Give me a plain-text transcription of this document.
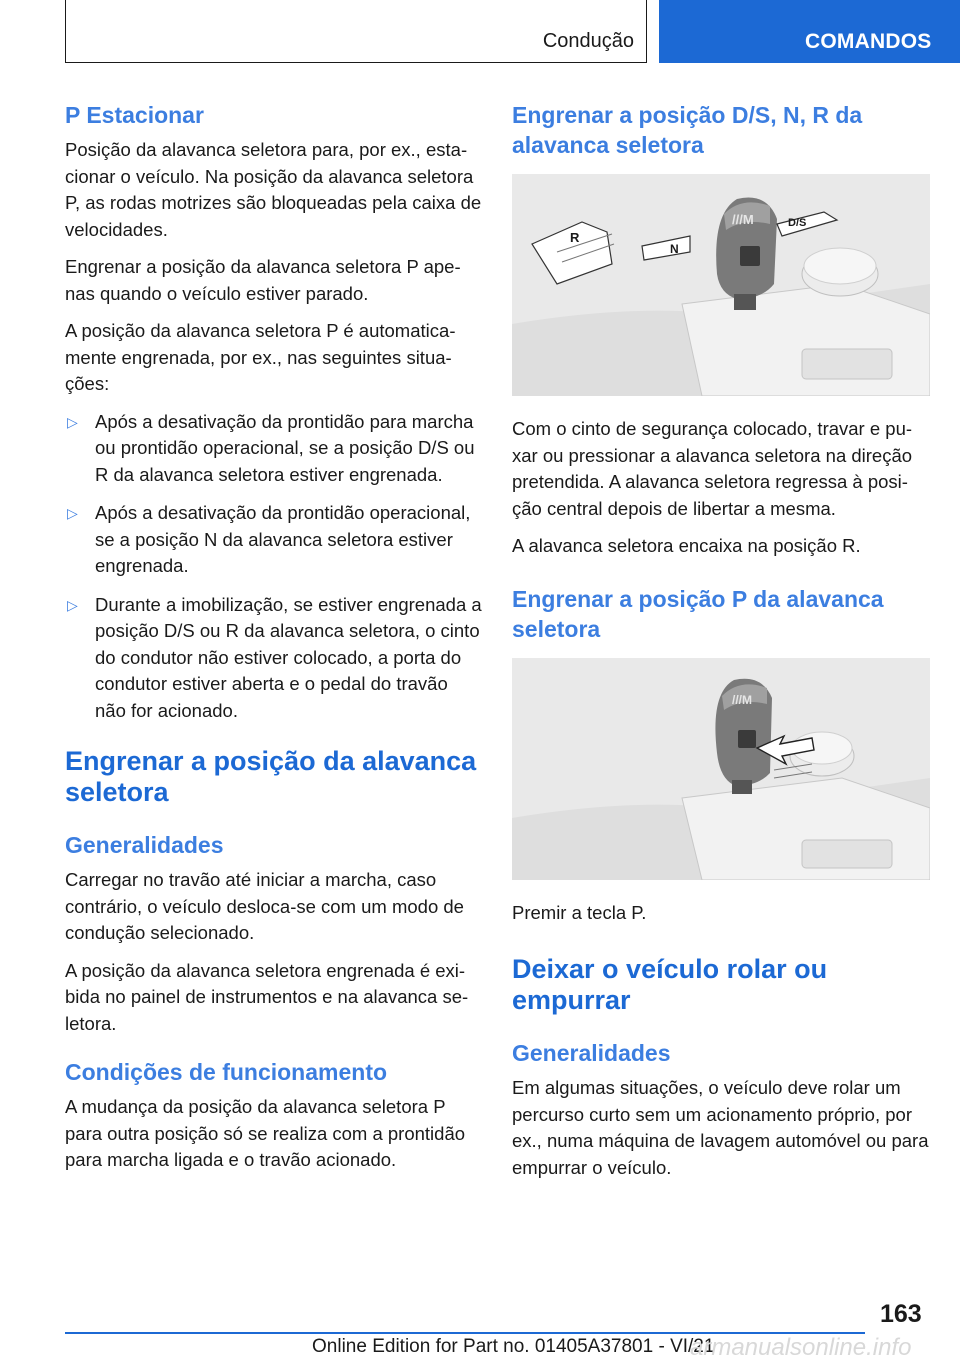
Condução	COMANDOS
P Estacionar

Posição da alavanca seletora para, por ex., estacionar o veículo. Na posição da alavanca seletora P, as rodas motrizes são bloqueadas pela caixa de velocidades.

Engrenar a posição da alavanca seletora P apenas quando o veículo estiver parado.

A posição da alavanca seletora P é automaticamente engrenada, por ex., nas seguintes situações:

▷ Após a desativação da prontidão para marcha ou prontidão operacional, se a posição D/S ou R da alavanca seletora estiver engrenada.
▷ Após a desativação da prontidão operacional, se a posição N da alavanca seletora estiver engrenada.
▷ Durante a imobilização, se estiver engrenada a posição D/S ou R da alavanca seletora, o cinto do condutor não estiver colocado, a porta do condutor estiver aberta e o pedal do travão não for acionado.
Engrenar a posição da alavanca seletora
Generalidades

Carregar no travão até iniciar a marcha, caso contrário, o veículo desloca-se com um modo de condução selecionado.

A posição da alavanca seletora engrenada é exibida no painel de instrumentos e na alavanca seletora.

Condições de funcionamento

A mudança da posição da alavanca seletora P para outra posição só se realiza com a prontidão para marcha ligada e o travão acionado.

Engrenar a posição D/S, N, R da alavanca seletora
///M
R
N
D/S

Com o cinto de segurança colocado, travar e puxar ou pressionar a alavanca seletora na direção pretendida. A alavanca seletora regressa à posição central depois de libertar a mesma.

A alavanca seletora encaixa na posição R.

Engrenar a posição P da alavanca seletora
///M

Premir a tecla P.

Deixar o veículo rolar ou empurrar
Generalidades

Em algumas situações, o veículo deve rolar um percurso curto sem um acionamento próprio, por ex., numa máquina de lavagem automóvel ou para empurrar o veículo.

163
Online Edition for Part no. 01405A37801 - VI/21
armanualsonline.info
